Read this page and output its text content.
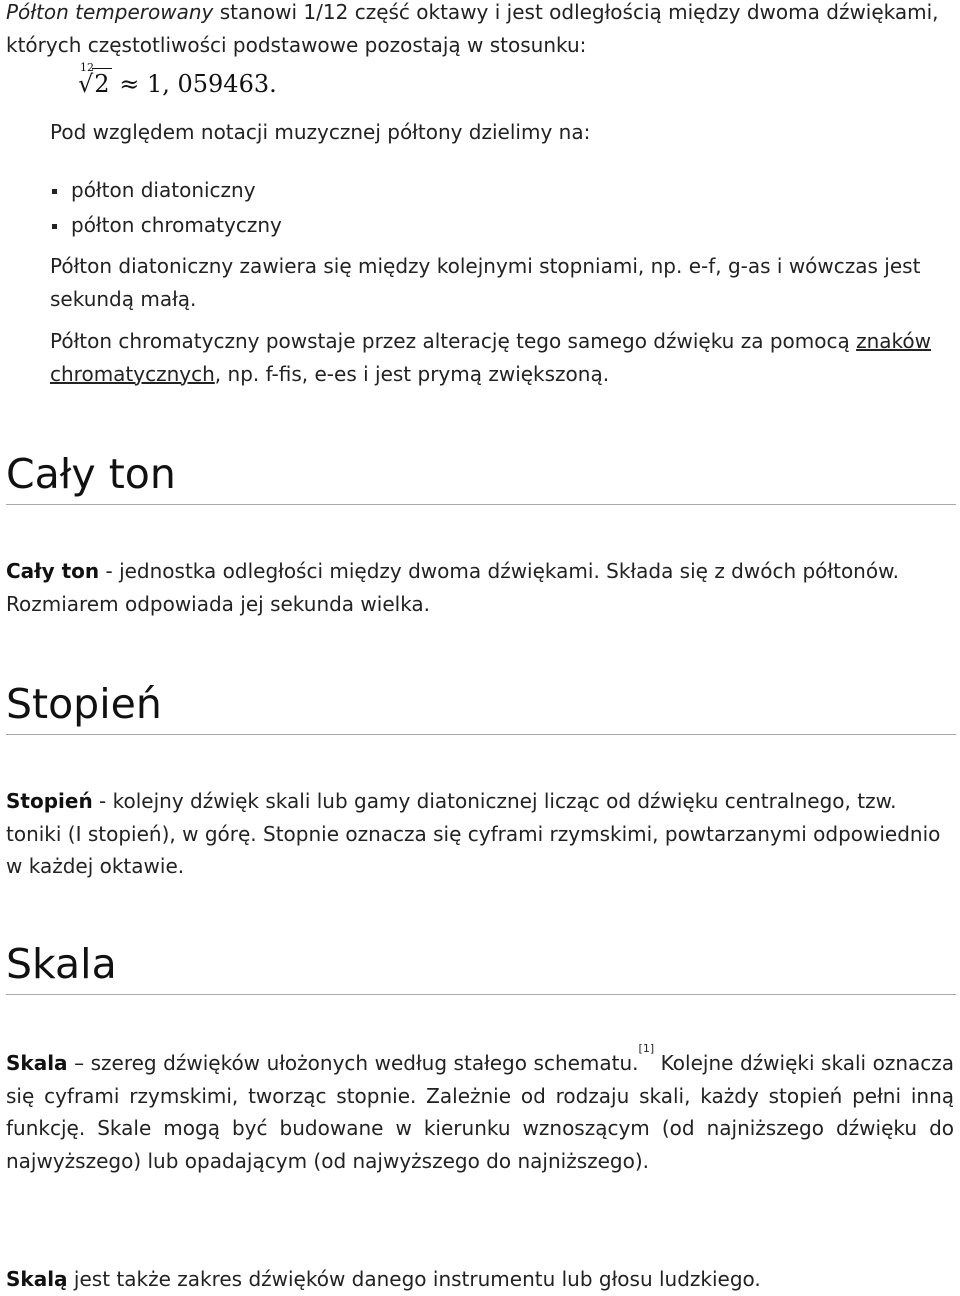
Półton temperowany stanowi 1/12 część oktawy i jest odległością między dwoma dźwiękami, których częstotliwości podstawowe pozostają w stosunku:

12
√2 ≈ 1, 059463.

Pod względem notacji muzycznej półtony dzielimy na:

półton diatoniczny
półton chromatyczny

Półton diatoniczny zawiera się między kolejnymi stopniami, np. e-f, g-as i wówczas jest sekundą małą.

Półton chromatyczny powstaje przez alterację tego samego dźwięku za pomocą znaków chromatycznych, np. f-fis, e-es i jest prymą zwiększoną.

Cały ton

Cały ton - jednostka odległości między dwoma dźwiękami. Składa się z dwóch półtonów. Rozmiarem odpowiada jej sekunda wielka.

Stopień

Stopień - kolejny dźwięk skali lub gamy diatonicznej licząc od dźwięku centralnego, tzw. toniki (I stopień), w górę. Stopnie oznacza się cyframi rzymskimi, powtarzanymi odpowiednio w każdej oktawie.

Skala

Skala – szereg dźwięków ułożonych według stałego schematu.[1] Kolejne dźwięki skali oznacza się cyframi rzymskimi, tworząc stopnie. Zależnie od rodzaju skali, każdy stopień pełni inną funkcję. Skale mogą być budowane w kierunku wznoszącym (od najniższego dźwięku do najwyższego) lub opadającym (od najwyższego do najniższego).

Skalą jest także zakres dźwięków danego instrumentu lub głosu ludzkiego.
